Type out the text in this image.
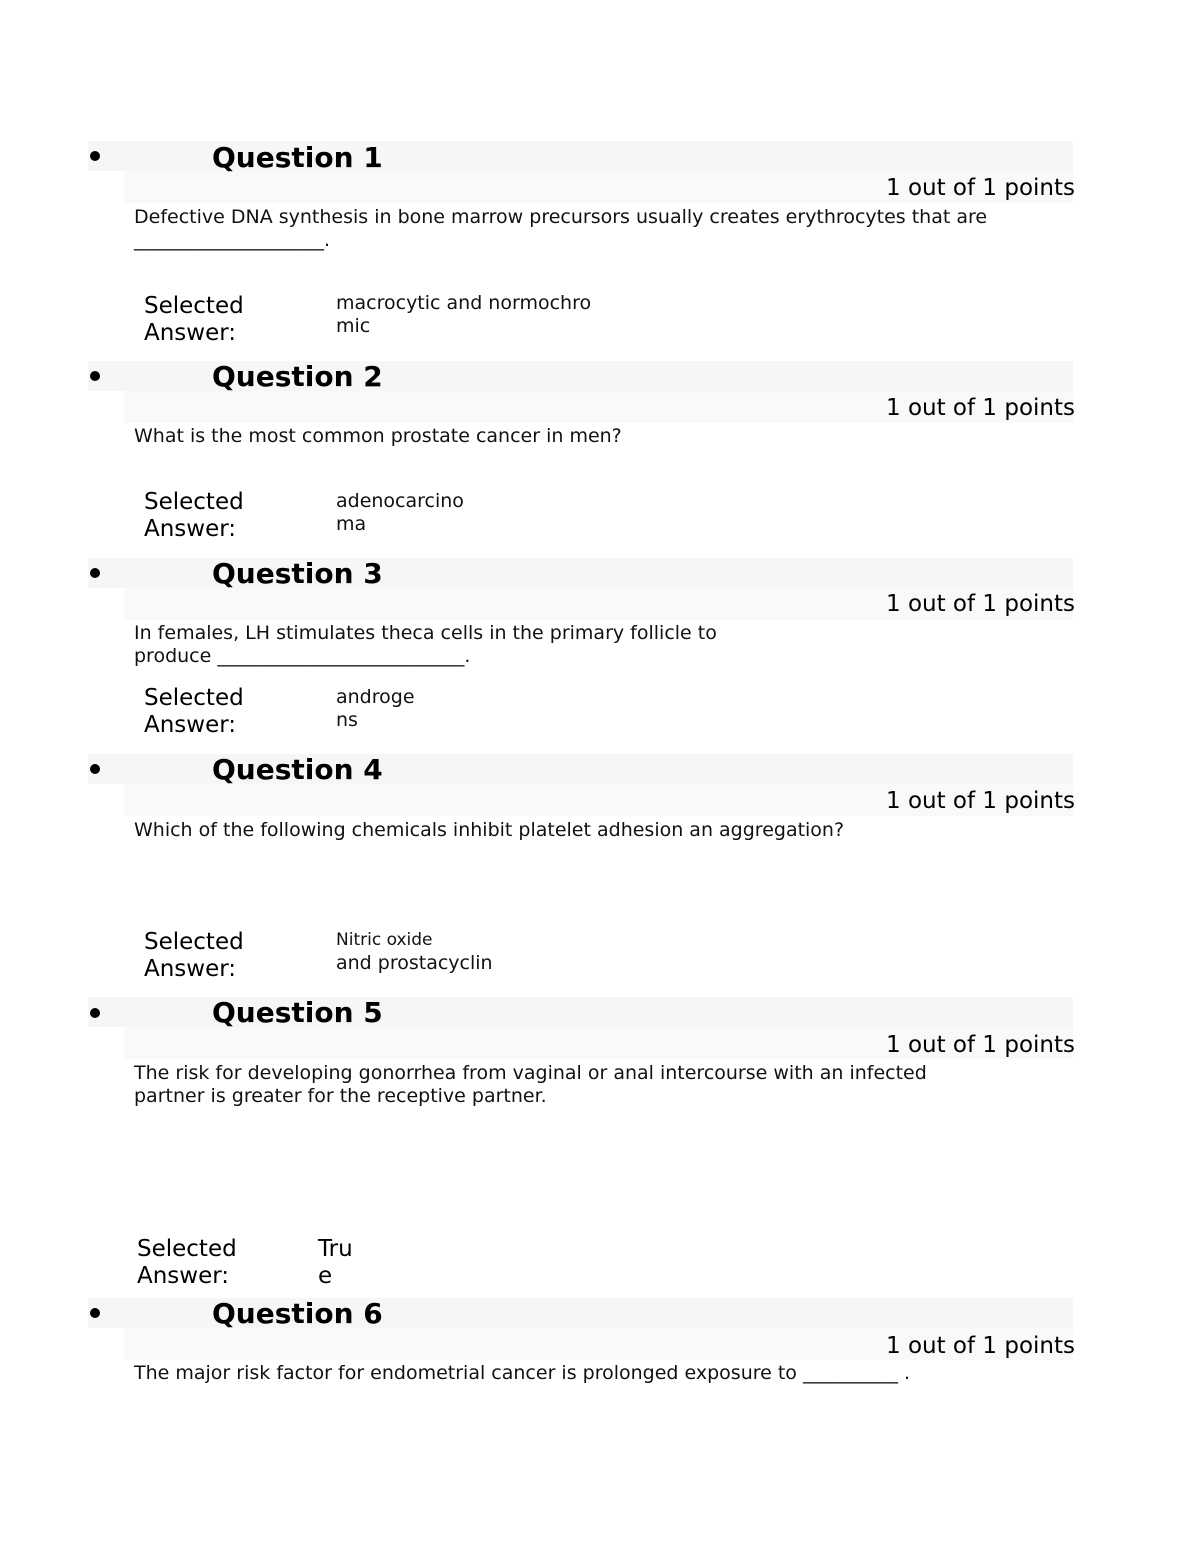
Question 1
1 out of 1 points
Defective DNA synthesis in bone marrow precursors usually creates erythrocytes that are ____________________.
Selected
Answer:
macrocytic and normochro
mic
Question 2
1 out of 1 points
What is the most common prostate cancer in men?
Selected
Answer:
adenocarcino
ma
Question 3
1 out of 1 points
In females, LH stimulates theca cells in the primary follicle to
produce __________________________.
Selected
Answer:
androge
ns
Question 4
1 out of 1 points
Which of the following chemicals inhibit platelet adhesion an aggregation?
Selected
Answer:
Nitric oxide
and prostacyclin
Question 5
1 out of 1 points
The risk for developing gonorrhea from vaginal or anal intercourse with an infected partner is greater for the receptive partner.
Selected
Answer:
Tru
e
Question 6
1 out of 1 points
The major risk factor for endometrial cancer is prolonged exposure to __________ .
